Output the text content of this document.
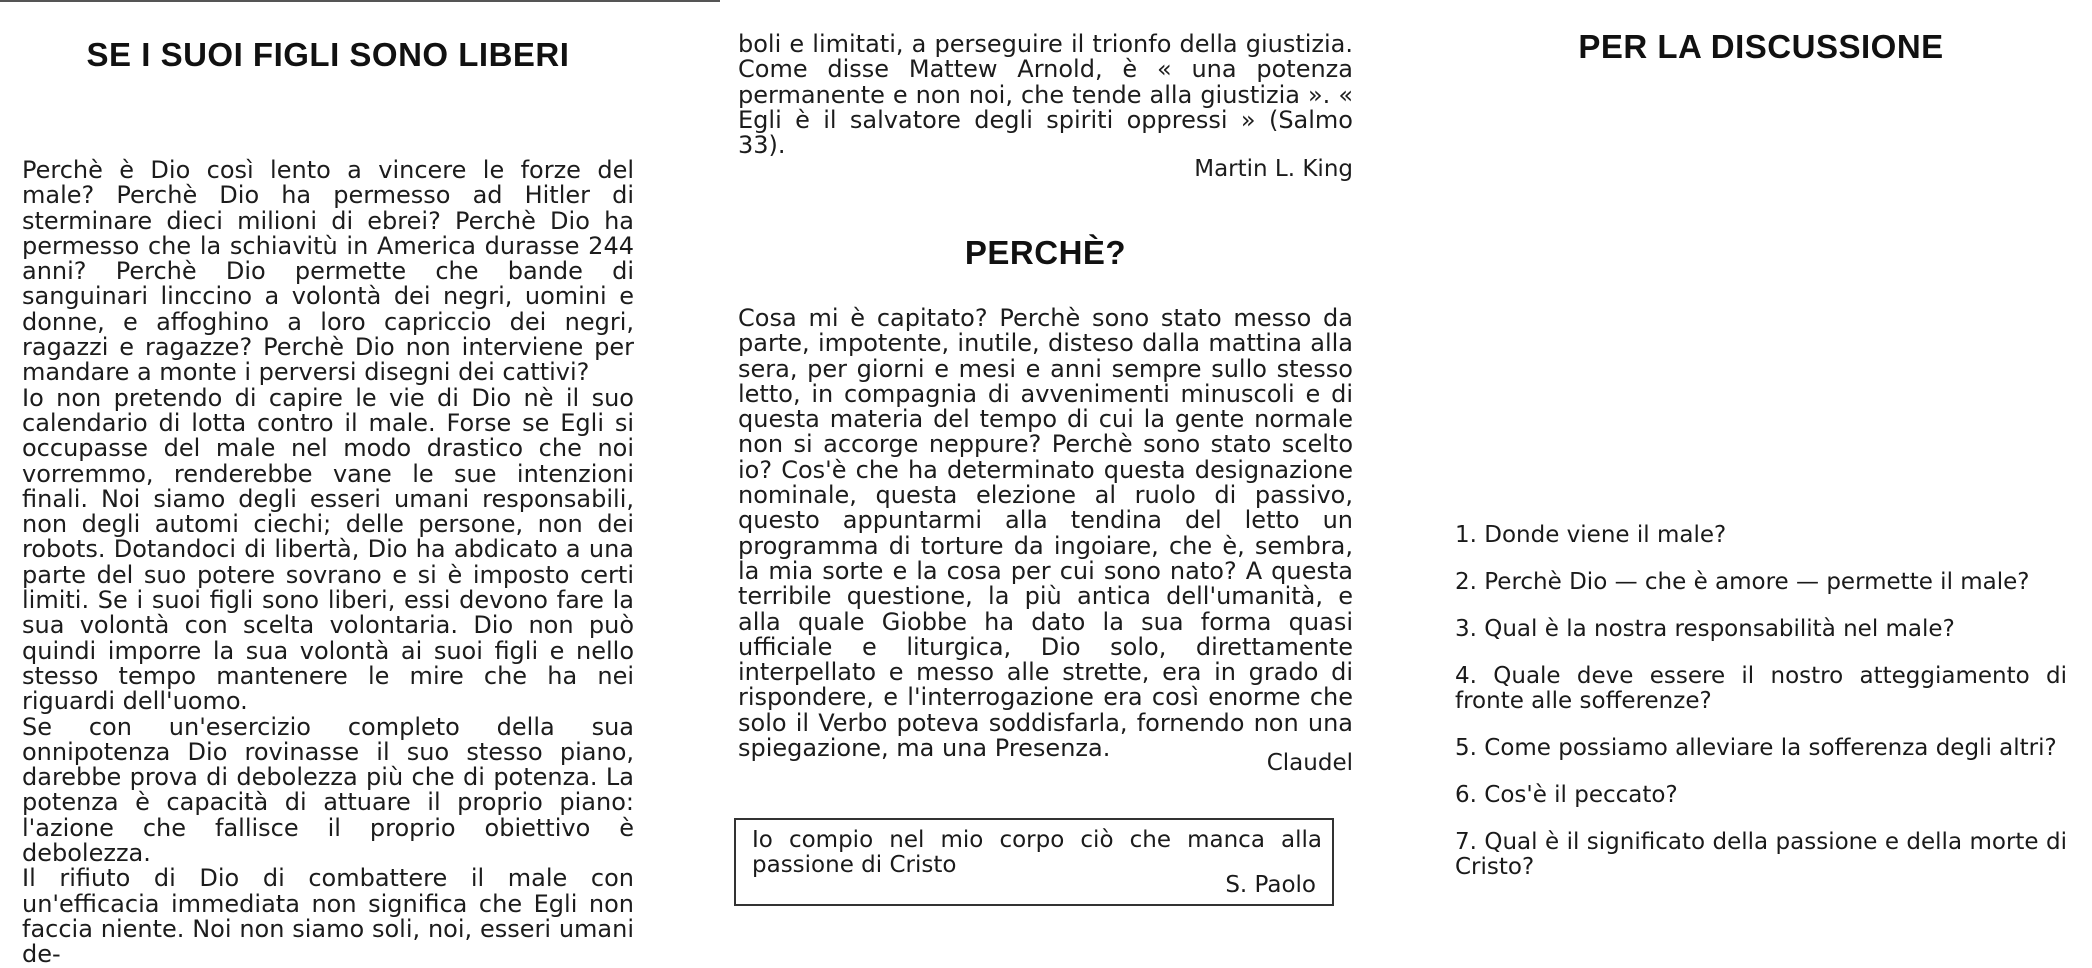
SE I SUOI FIGLI SONO LIBERI

Perchè è Dio così lento a vincere le forze del male? Perchè Dio ha permesso ad Hitler di sterminare dieci milioni di ebrei? Perchè Dio ha permesso che la schiavitù in America durasse 244 anni? Perchè Dio permette che bande di sanguinari linccino a volontà dei negri, uomini e donne, e affoghino a loro capriccio dei negri, ragazzi e ragazze? Perchè Dio non interviene per mandare a monte i perversi disegni dei cattivi?

Io non pretendo di capire le vie di Dio nè il suo calendario di lotta contro il male. Forse se Egli si occupasse del male nel modo drastico che noi vorremmo, renderebbe vane le sue intenzioni finali. Noi siamo degli esseri umani responsabili, non degli automi ciechi; delle persone, non dei robots. Dotandoci di libertà, Dio ha abdicato a una parte del suo potere sovrano e si è imposto certi limiti. Se i suoi figli sono liberi, essi devono fare la sua volontà con scelta volontaria. Dio non può quindi imporre la sua volontà ai suoi figli e nello stesso tempo mantenere le mire che ha nei riguardi dell'uomo.

Se con un'esercizio completo della sua onnipotenza Dio rovinasse il suo stesso piano, darebbe prova di debolezza più che di potenza. La potenza è capacità di attuare il proprio piano: l'azione che fallisce il proprio obiettivo è debolezza.

Il rifiuto di Dio di combattere il male con un'efficacia immediata non significa che Egli non faccia niente. Noi non siamo soli, noi, esseri umani de-

boli e limitati, a perseguire il trionfo della giustizia. Come disse Mattew Arnold, è « una potenza permanente e non noi, che tende alla giustizia ». « Egli è il salvatore degli spiriti oppressi » (Salmo 33).

Martin L. King
PERCHÈ?

Cosa mi è capitato? Perchè sono stato messo da parte, impotente, inutile, disteso dalla mattina alla sera, per giorni e mesi e anni sempre sullo stesso letto, in compagnia di avvenimenti minuscoli e di questa materia del tempo di cui la gente normale non si accorge neppure? Perchè sono stato scelto io? Cos'è che ha determinato questa designazione nominale, questa elezione al ruolo di passivo, questo appuntarmi alla tendina del letto un programma di torture da ingoiare, che è, sembra, la mia sorte e la cosa per cui sono nato? A questa terribile questione, la più antica dell'umanità, e alla quale Giobbe ha dato la sua forma quasi ufficiale e liturgica, Dio solo, direttamente interpellato e messo alle strette, era in grado di rispondere, e l'interrogazione era così enorme che solo il Verbo poteva soddisfarla, fornendo non una spiegazione, ma una Presenza.

Claudel
Io compio nel mio corpo ciò che manca alla passione di Cristo
S. Paolo
PER LA DISCUSSIONE
1. Donde viene il male?
2. Perchè Dio — che è amore — permette il male?
3. Qual è la nostra responsabilità nel male?
4. Quale deve essere il nostro atteggiamento di fronte alle sofferenze?
5. Come possiamo alleviare la sofferenza degli altri?
6. Cos'è il peccato?
7. Qual è il significato della passione e della morte di Cristo?
